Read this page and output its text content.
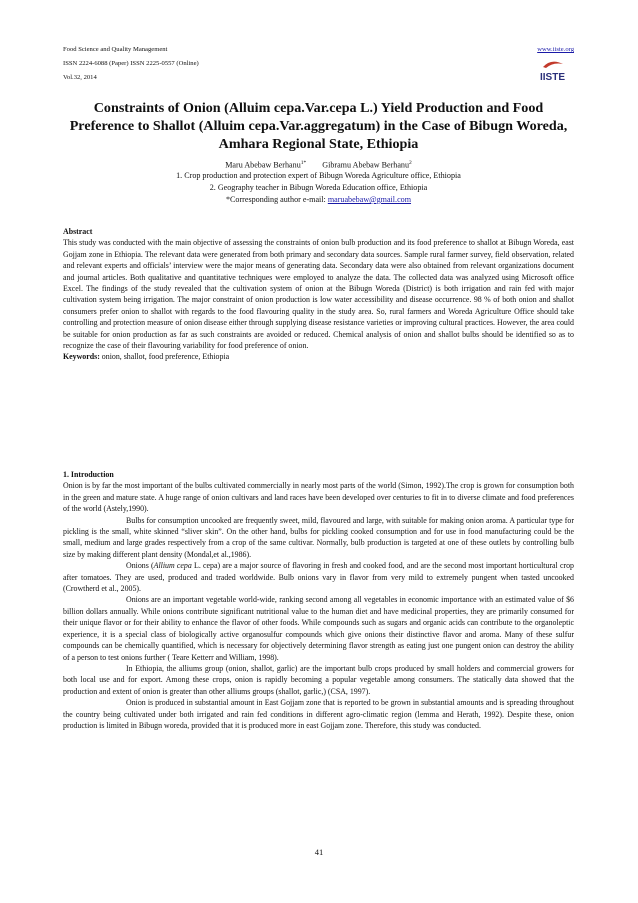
Food Science and Quality Management
ISSN 2224-6088 (Paper) ISSN 2225-0557 (Online)
Vol.32, 2014
www.iiste.org
IISTE
Constraints of Onion (Alluim cepa.Var.cepa L.) Yield Production and Food Preference to Shallot (Alluim cepa.Var.aggregatum) in the Case of Bibugn Woreda, Amhara Regional State, Ethiopia
Maru Abebaw Berhanu$^{1*}$ Gibramu Abebaw Berhanu$^2$
1. Crop production and protection expert of Bibugn Woreda Agriculture office, Ethiopia
2. Geography teacher in Bibugn Woreda Education office, Ethiopia
*Corresponding author e-mail: maruabebaw@gmail.com

Abstract

This study was conducted with the main objective of assessing the constraints of onion bulb production and its food preference to shallot at Bibugn Woreda, east Gojjam zone in Ethiopia. The relevant data were generated from both primary and secondary data sources. Sample rural farmer survey, field observation, related and relevant experts and officials’ interview were the major means of generating data. Secondary data were also obtained from relevant organizations document and journal articles. Both qualitative and quantitative techniques were employed to analyze the data. The collected data was analyzed using Microsoft office Excel. The findings of the study revealed that the cultivation system of onion at the Bibugn Woreda (District) is both irrigation and rain fed with major cultivation system being irrigation. The major constraint of onion production is low water accessibility and disease occurrence. 98 % of both onion and shallot consumers prefer onion to shallot with regards to the food flavouring quality in the study area. So, rural farmers and Woreda Agriculture Office should take controlling and protection measure of onion disease either through supplying disease resistance varieties or improving cultural practices. However, the area could be suitable for onion production as far as such constraints are avoided or reduced. Chemical analysis of onion and shallot bulbs should be identified so as to recognize the case of their flavouring variability for food preference of onion.

Keywords: onion, shallot, food preference, Ethiopia

1. Introduction

Onion is by far the most important of the bulbs cultivated commercially in nearly most parts of the world (Simon, 1992).The crop is grown for consumption both in the green and mature state. A huge range of onion cultivars and land races have been developed over centuries to fit in to diverse climate and food preferences of the world (Astely,1990).

Bulbs for consumption uncooked are frequently sweet, mild, flavoured and large, with suitable for making onion aroma. A particular type for pickling is the small, white skinned “sliver skin”. On the other hand, bulbs for pickling cooked consumption and for use in food manufacturing could be the small, medium and large grades respectively from a crop of the same cultivar. Normally, bulb production is targeted at one of these outlets by controlling bulb size by making different plant density (Mondal,et al.,1986).

Onions (Allium cepa L. cepa) are a major source of flavoring in fresh and cooked food, and are the second most important horticultural crop after tomatoes. They are used, produced and traded worldwide. Bulb onions vary in flavor from very mild to extremely pungent when tasted uncooked (Crowtherd et al., 2005).

Onions are an important vegetable world-wide, ranking second among all vegetables in economic importance with an estimated value of $6 billion dollars annually. While onions contribute significant nutritional value to the human diet and have medicinal properties, they are primarily consumed for their unique flavor or for their ability to enhance the flavor of other foods. While compounds such as sugars and organic acids can contribute to the organoleptic experience, it is a special class of biologically active organosulfur compounds which give onions their distinctive flavor and aroma. Many of these sulfur compounds can be chemically quantified, which is necessary for objectively determining flavor strength as eating just one pungent onion can destroy the ability of a person to test onions further ( Teare Ketterr and William, 1998).

In Ethiopia, the alliums group (onion, shallot, garlic) are the important bulb crops produced by small holders and commercial growers for both local use and for export. Among these crops, onion is rapidly becoming a popular vegetable among consumers. The statically data showed that the production and extent of onion is greater than other alliums groups (shallot, garlic,) (CSA, 1997).

Onion is produced in substantial amount in East Gojjam zone that is reported to be grown in substantial amounts and is spreading throughout the country being cultivated under both irrigated and rain fed conditions in different agro-climatic region (lemma and Herath, 1992). Despite these, onion production is limited in Bibugn woreda, provided that it is produced more in east Gojjam zone. Therefore, this study was conducted.

41
